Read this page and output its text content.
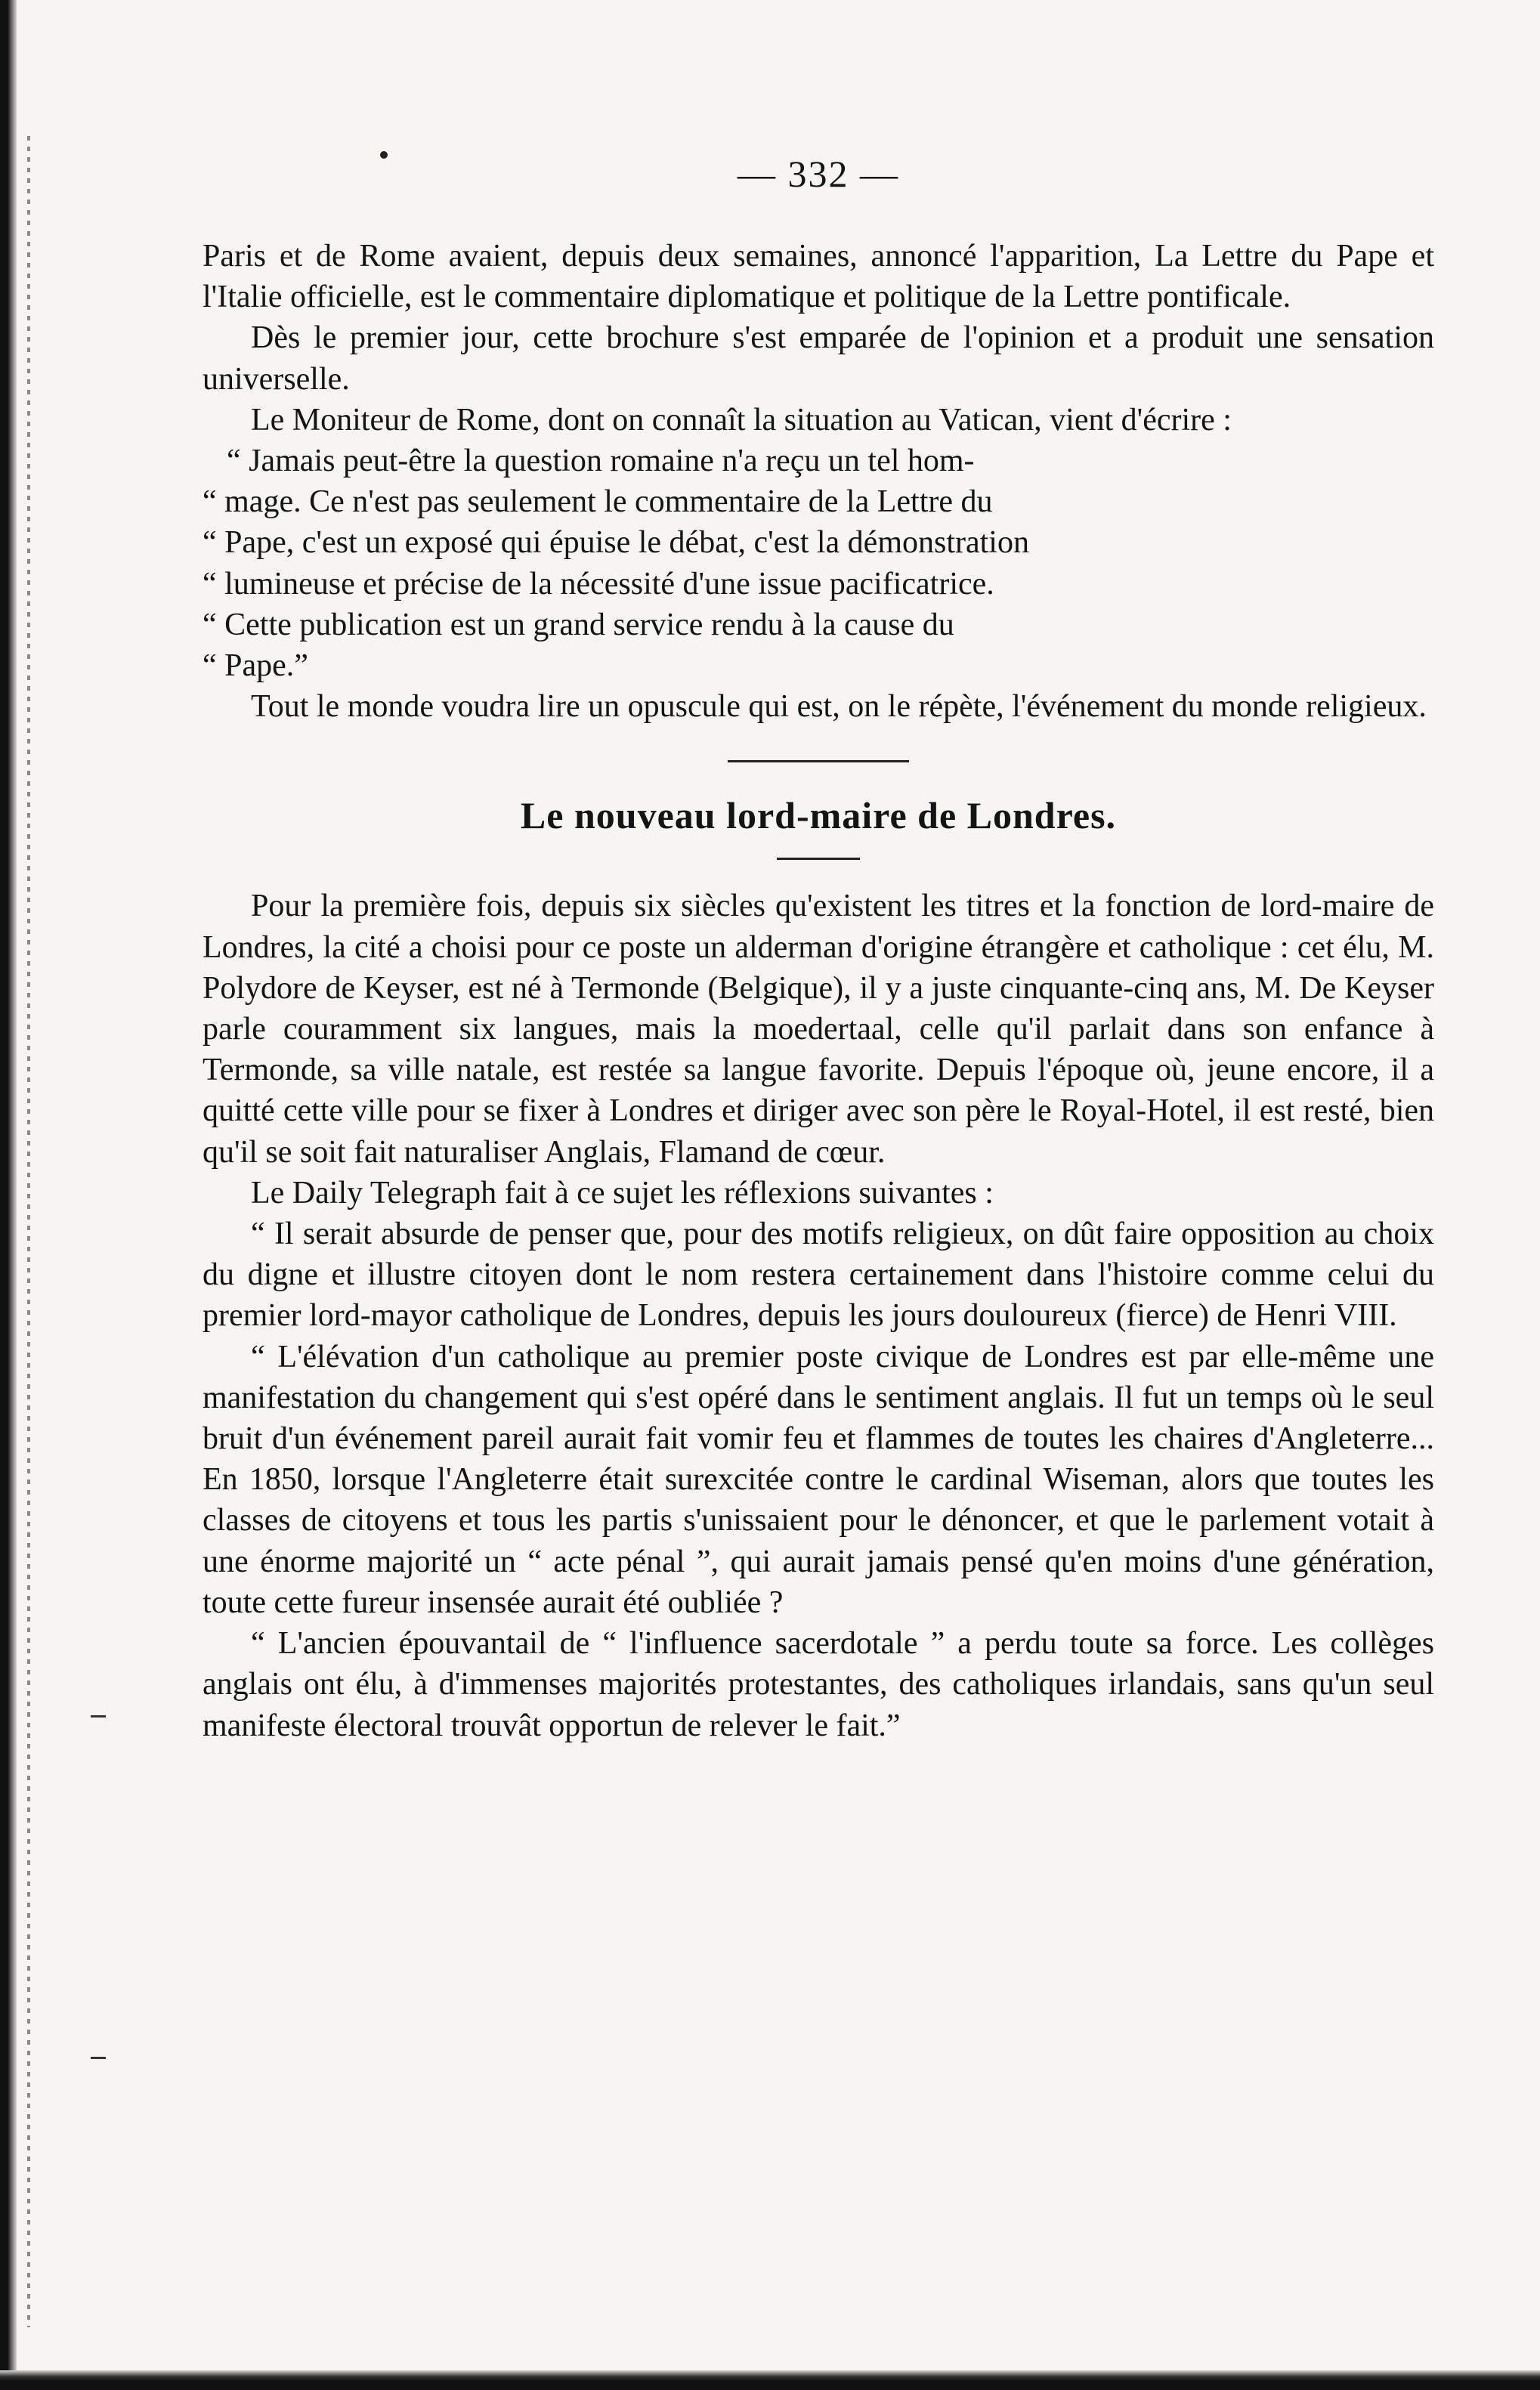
— 332 —

Paris et de Rome avaient, depuis deux semaines, annoncé l'apparition, La Lettre du Pape et l'Italie officielle, est le commentaire diplomatique et politique de la Lettre pontificale.

Dès le premier jour, cette brochure s'est emparée de l'opinion et a produit une sensation universelle.

Le Moniteur de Rome, dont on connaît la situation au Vatican, vient d'écrire :

“ Jamais peut-être la question romaine n'a reçu un tel hom-
“ mage. Ce n'est pas seulement le commentaire de la Lettre du
“ Pape, c'est un exposé qui épuise le débat, c'est la démonstration
“ lumineuse et précise de la nécessité d'une issue pacificatrice.
“ Cette publication est un grand service rendu à la cause du
“ Pape.”

Tout le monde voudra lire un opuscule qui est, on le répète, l'événement du monde religieux.

Le nouveau lord-maire de Londres.

Pour la première fois, depuis six siècles qu'existent les titres et la fonction de lord-maire de Londres, la cité a choisi pour ce poste un alderman d'origine étrangère et catholique : cet élu, M. Polydore de Keyser, est né à Termonde (Belgique), il y a juste cinquante-cinq ans, M. De Keyser parle couramment six langues, mais la moedertaal, celle qu'il parlait dans son enfance à Termonde, sa ville natale, est restée sa langue favorite. Depuis l'époque où, jeune encore, il a quitté cette ville pour se fixer à Londres et diriger avec son père le Royal-Hotel, il est resté, bien qu'il se soit fait naturaliser Anglais, Flamand de cœur.

Le Daily Telegraph fait à ce sujet les réflexions suivantes :

“ Il serait absurde de penser que, pour des motifs religieux, on dût faire opposition au choix du digne et illustre citoyen dont le nom restera certainement dans l'histoire comme celui du premier lord-mayor catholique de Londres, depuis les jours douloureux (fierce) de Henri VIII.

“ L'élévation d'un catholique au premier poste civique de Londres est par elle-même une manifestation du changement qui s'est opéré dans le sentiment anglais. Il fut un temps où le seul bruit d'un événement pareil aurait fait vomir feu et flammes de toutes les chaires d'Angleterre... En 1850, lorsque l'Angleterre était surexcitée contre le cardinal Wiseman, alors que toutes les classes de citoyens et tous les partis s'unissaient pour le dénoncer, et que le parlement votait à une énorme majorité un “ acte pénal ”, qui aurait jamais pensé qu'en moins d'une génération, toute cette fureur insensée aurait été oubliée ?

“ L'ancien épouvantail de “ l'influence sacerdotale ” a perdu toute sa force. Les collèges anglais ont élu, à d'immenses majorités protestantes, des catholiques irlandais, sans qu'un seul manifeste électoral trouvât opportun de relever le fait.”
